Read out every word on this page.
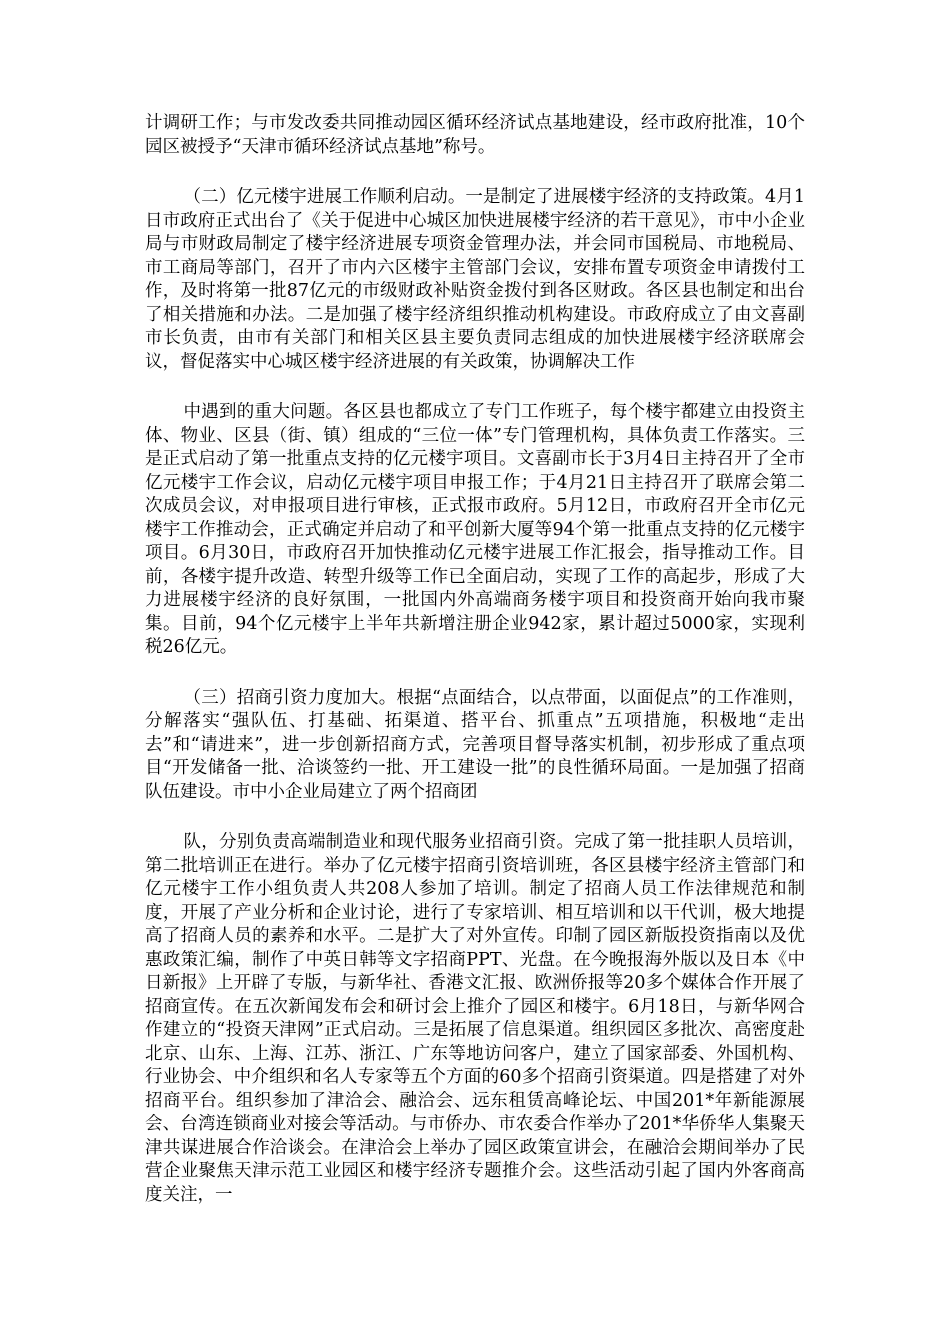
计调研工作；与市发改委共同推动园区循环经济试点基地建设，经市政府批准，10个园区被授予“天津市循环经济试点基地”称号。

（二）亿元楼宇进展工作顺利启动。一是制定了进展楼宇经济的支持政策。4月1日市政府正式出台了《关于促进中心城区加快进展楼宇经济的若干意见》，市中小企业局与市财政局制定了楼宇经济进展专项资金管理办法，并会同市国税局、市地税局、市工商局等部门，召开了市内六区楼宇主管部门会议，安排布置专项资金申请拨付工作，及时将第一批87亿元的市级财政补贴资金拨付到各区财政。各区县也制定和出台了相关措施和办法。二是加强了楼宇经济组织推动机构建设。市政府成立了由文喜副市长负责，由市有关部门和相关区县主要负责同志组成的加快进展楼宇经济联席会议，督促落实中心城区楼宇经济进展的有关政策，协调解决工作

中遇到的重大问题。各区县也都成立了专门工作班子，每个楼宇都建立由投资主体、物业、区县（街、镇）组成的“三位一体”专门管理机构，具体负责工作落实。三是正式启动了第一批重点支持的亿元楼宇项目。文喜副市长于3月4日主持召开了全市亿元楼宇工作会议，启动亿元楼宇项目申报工作；于4月21日主持召开了联席会第二次成员会议，对申报项目进行审核，正式报市政府。5月12日，市政府召开全市亿元楼宇工作推动会，正式确定并启动了和平创新大厦等94个第一批重点支持的亿元楼宇项目。6月30日，市政府召开加快推动亿元楼宇进展工作汇报会，指导推动工作。目前，各楼宇提升改造、转型升级等工作已全面启动，实现了工作的高起步，形成了大力进展楼宇经济的良好氛围，一批国内外高端商务楼宇项目和投资商开始向我市聚集。目前，94个亿元楼宇上半年共新增注册企业942家，累计超过5000家，实现利税26亿元。

（三）招商引资力度加大。根据“点面结合，以点带面，以面促点”的工作准则，分解落实“强队伍、打基础、拓渠道、搭平台、抓重点”五项措施，积极地“走出去”和“请进来”，进一步创新招商方式，完善项目督导落实机制，初步形成了重点项目“开发储备一批、洽谈签约一批、开工建设一批”的良性循环局面。一是加强了招商队伍建设。市中小企业局建立了两个招商团

队，分别负责高端制造业和现代服务业招商引资。完成了第一批挂职人员培训，第二批培训正在进行。举办了亿元楼宇招商引资培训班，各区县楼宇经济主管部门和亿元楼宇工作小组负责人共208人参加了培训。制定了招商人员工作法律规范和制度，开展了产业分析和企业讨论，进行了专家培训、相互培训和以干代训，极大地提高了招商人员的素养和水平。二是扩大了对外宣传。印制了园区新版投资指南以及优惠政策汇编，制作了中英日韩等文字招商PPT、光盘。在今晚报海外版以及日本《中日新报》上开辟了专版，与新华社、香港文汇报、欧洲侨报等20多个媒体合作开展了招商宣传。在五次新闻发布会和研讨会上推介了园区和楼宇。6月18日，与新华网合作建立的“投资天津网”正式启动。三是拓展了信息渠道。组织园区多批次、高密度赴北京、山东、上海、江苏、浙江、广东等地访问客户，建立了国家部委、外国机构、行业协会、中介组织和名人专家等五个方面的60多个招商引资渠道。四是搭建了对外招商平台。组织参加了津洽会、融洽会、远东租赁高峰论坛、中国201*年新能源展会、台湾连锁商业对接会等活动。与市侨办、市农委合作举办了201*华侨华人集聚天津共谋进展合作洽谈会。在津洽会上举办了园区政策宣讲会，在融洽会期间举办了民营企业聚焦天津示范工业园区和楼宇经济专题推介会。这些活动引起了国内外客商高度关注，一
